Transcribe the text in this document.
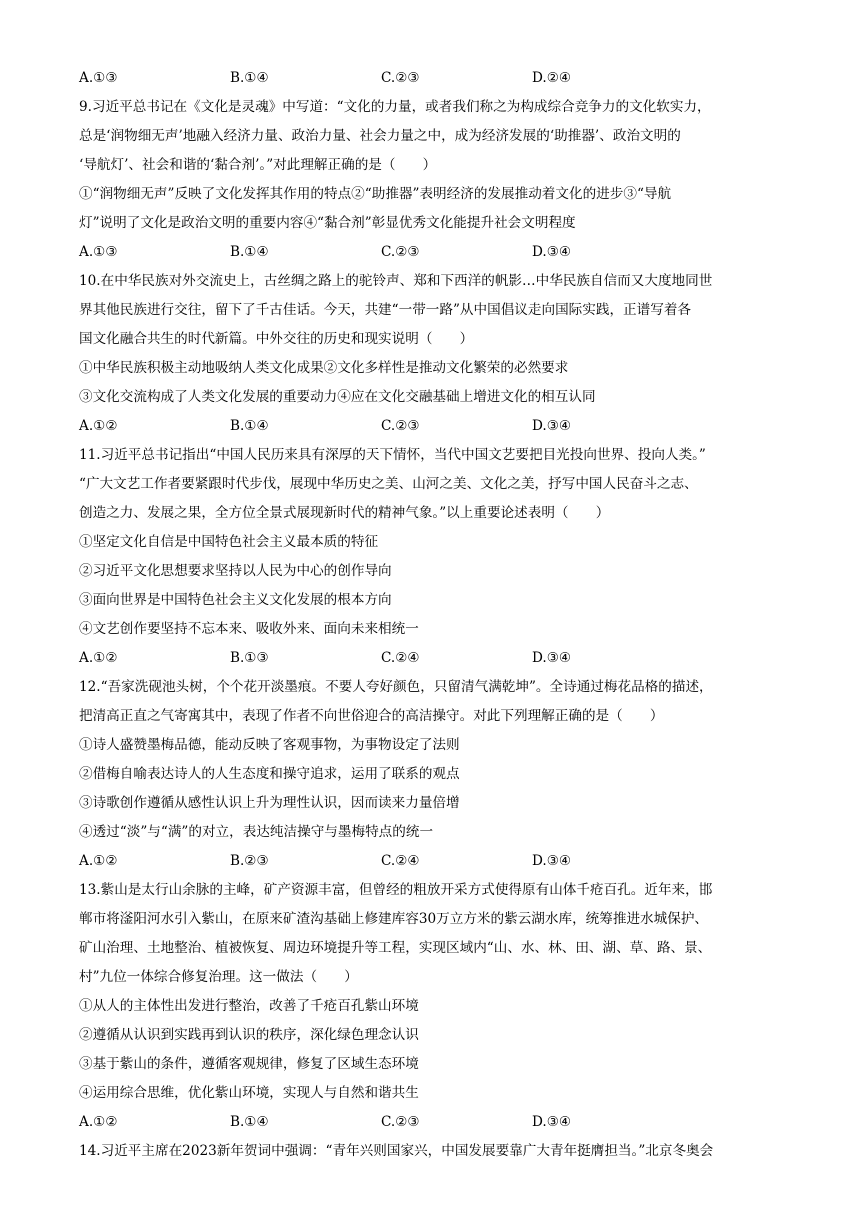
A.①③	B.①④	C.②③	D.②④
9.习近平总书记在《文化是灵魂》中写道：“文化的力量，或者我们称之为构成综合竞争力的文化软实力，
总是‘润物细无声’地融入经济力量、政治力量、社会力量之中，成为经济发展的‘助推器’、政治文明的
‘导航灯’、社会和谐的‘黏合剂’。”对此理解正确的是（　　）
①“润物细无声”反映了文化发挥其作用的特点②“助推器”表明经济的发展推动着文化的进步③“导航
灯”说明了文化是政治文明的重要内容④“黏合剂”彰显优秀文化能提升社会文明程度
A.①③	B.①④	C.②③	D.③④
10.在中华民族对外交流史上，古丝绸之路上的驼铃声、郑和下西洋的帆影…中华民族自信而又大度地同世
界其他民族进行交往，留下了千古佳话。今天，共建“一带一路”从中国倡议走向国际实践，正谱写着各
国文化融合共生的时代新篇。中外交往的历史和现实说明（　　）
①中华民族积极主动地吸纳人类文化成果②文化多样性是推动文化繁荣的必然要求
③文化交流构成了人类文化发展的重要动力④应在文化交融基础上增进文化的相互认同
A.①②	B.①④	C.②③	D.③④
11.习近平总书记指出“中国人民历来具有深厚的天下情怀，当代中国文艺要把目光投向世界、投向人类。”
“广大文艺工作者要紧跟时代步伐，展现中华历史之美、山河之美、文化之美，抒写中国人民奋斗之志、
创造之力、发展之果，全方位全景式展现新时代的精神气象。”以上重要论述表明（　　）
①坚定文化自信是中国特色社会主义最本质的特征
②习近平文化思想要求坚持以人民为中心的创作导向
③面向世界是中国特色社会主义文化发展的根本方向
④文艺创作要坚持不忘本来、吸收外来、面向未来相统一
A.①②	B.①③	C.②④	D.③④
12.“吾家洗砚池头树，个个花开淡墨痕。不要人夸好颜色，只留清气满乾坤”。全诗通过梅花品格的描述，
把清高正直之气寄寓其中，表现了作者不向世俗迎合的高洁操守。对此下列理解正确的是（　　）
①诗人盛赞墨梅品德，能动反映了客观事物，为事物设定了法则
②借梅自喻表达诗人的人生态度和操守追求，运用了联系的观点
③诗歌创作遵循从感性认识上升为理性认识，因而读来力量倍增
④透过“淡”与“满”的对立，表达纯洁操守与墨梅特点的统一
A.①②	B.②③	C.②④	D.③④
13.紫山是太行山余脉的主峰，矿产资源丰富，但曾经的粗放开采方式使得原有山体千疮百孔。近年来，邯
郸市将滏阳河水引入紫山，在原来矿渣沟基础上修建库容30万立方米的紫云湖水库，统筹推进水城保护、
矿山治理、土地整治、植被恢复、周边环境提升等工程，实现区域内“山、水、林、田、湖、草、路、景、
村”九位一体综合修复治理。这一做法（　　）
①从人的主体性出发进行整治，改善了千疮百孔紫山环境
②遵循从认识到实践再到认识的秩序，深化绿色理念认识
③基于紫山的条件，遵循客观规律，修复了区域生态环境
④运用综合思维，优化紫山环境，实现人与自然和谐共生
A.①②	B.①④	C.②③	D.③④
14.习近平主席在2023新年贺词中强调：“青年兴则国家兴，中国发展要靠广大青年挺膺担当。”北京冬奥会
